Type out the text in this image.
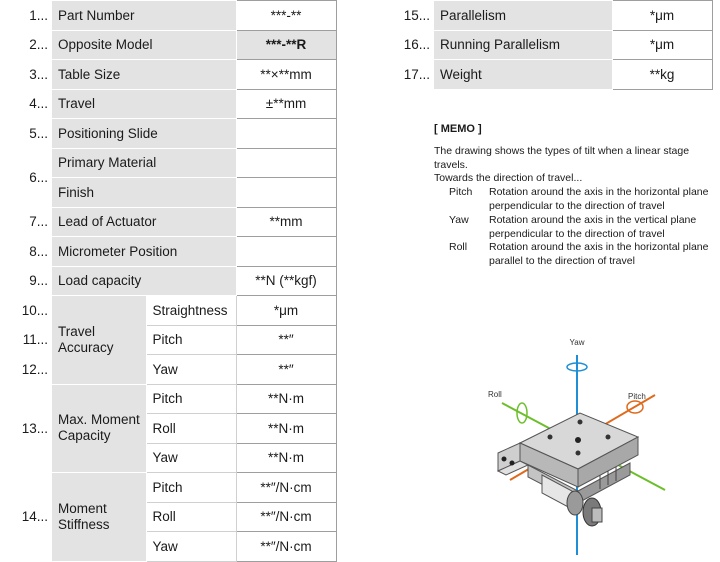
1...	Part Number		***-**
2...	Opposite Model		***-**R
3...	Table Size		**×**mm
4...	Travel		±**mm
5...	Positioning Slide		
6...	Primary Material		
	Finish		
7...	Lead of Actuator		**mm
8...	Micrometer Position		
9...	Load capacity		**N (**kgf)
10...	Travel Accuracy	Straightness	*μm
11...		Pitch	**″
12...		Yaw	**″
13...	Max. Moment Capacity	Pitch	**N·m
		Roll	**N·m
		Yaw	**N·m
14...	Moment Stiffness	Pitch	**″/N·cm
		Roll	**″/N·cm
		Yaw	**″/N·cm
15...	Parallelism	*μm
16...	Running Parallelism	*μm
17...	Weight	**kg
[ MEMO ]
The drawing shows the types of tilt when a linear stage travels.
Towards the direction of travel...
Pitch	Rotation around the axis in the horizontal plane perpendicular to the direction of travel
Yaw	Rotation around the axis in the vertical plane perpendicular to the direction of travel
Roll	Rotation around the axis in the horizontal plane parallel to the direction of travel
Yaw
Roll	Pitch
